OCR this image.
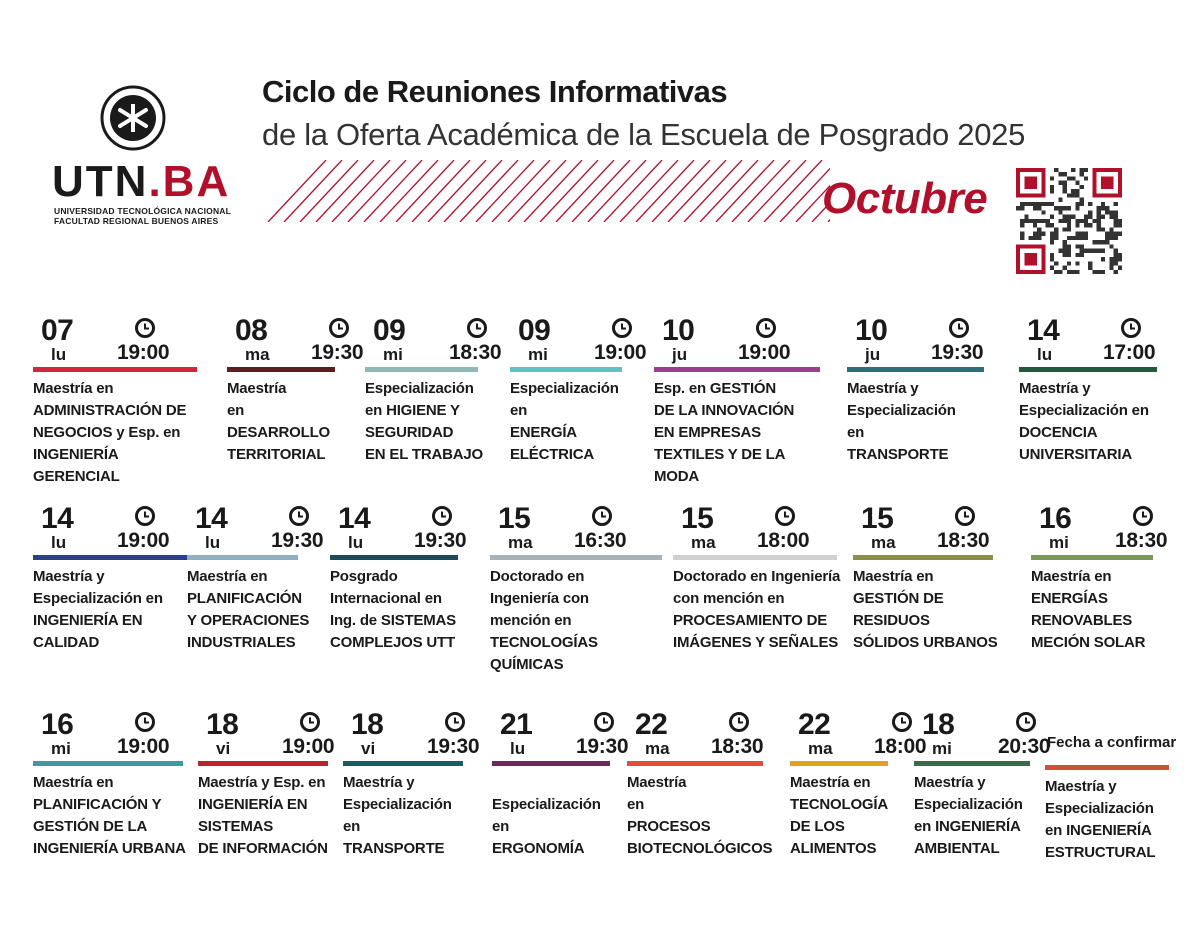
UTN.BA
UNIVERSIDAD TECNOLÓGICA NACIONAL
FACULTAD REGIONAL BUENOS AIRES
Ciclo de Reuniones Informativas
de la Oferta Académica de la Escuela de Posgrado 2025
Octubre
07
lu 19:00
Maestría en
ADMINISTRACIÓN DE
NEGOCIOS y Esp. en
INGENIERÍA GERENCIAL
08
ma 19:30
Maestría
en
DESARROLLO
TERRITORIAL
09
mi 18:30
Especialización
en HIGIENE Y
SEGURIDAD
EN EL TRABAJO
09
mi 19:00
Especialización
en
ENERGÍA
ELÉCTRICA
10
ju 19:00
Esp. en GESTIÓN
DE LA INNOVACIÓN
EN EMPRESAS
TEXTILES Y DE LA MODA
10
ju 19:30
Maestría y
Especialización
en
TRANSPORTE
14
lu 17:00
Maestría y
Especialización en
DOCENCIA
UNIVERSITARIA
14
lu 19:00
Maestría y
Especialización en
INGENIERÍA EN
CALIDAD
14
lu 19:30
Maestría en
PLANIFICACIÓN
Y OPERACIONES
INDUSTRIALES
14
lu 19:30
Posgrado
Internacional en
Ing. de SISTEMAS
COMPLEJOS UTT
15
ma 16:30
Doctorado en
Ingeniería con
mención en
TECNOLOGÍAS QUÍMICAS
15
ma 18:00
Doctorado en Ingeniería
con mención en
PROCESAMIENTO DE
IMÁGENES Y SEÑALES
15
ma 18:30
Maestría en
GESTIÓN DE
RESIDUOS
SÓLIDOS URBANOS
16
mi 18:30
Maestría en
ENERGÍAS
RENOVABLES
MECIÓN SOLAR
16
mi 19:00
Maestría en
PLANIFICACIÓN Y
GESTIÓN DE LA
INGENIERÍA URBANA
18
vi 19:00
Maestría y Esp. en
INGENIERÍA EN
SISTEMAS
DE INFORMACIÓN
18
vi 19:30
Maestría y
Especialización
en
TRANSPORTE
21
lu 19:30

Especialización
en
ERGONOMÍA
22
ma 18:30
Maestría
en
PROCESOS
BIOTECNOLÓGICOS
22
ma 18:00
Maestría en
TECNOLOGÍA
DE LOS
ALIMENTOS
18
mi 20:30
Maestría y
Especialización
en INGENIERÍA
AMBIENTAL
Fecha a confirmar
Maestría y
Especialización
en INGENIERÍA
ESTRUCTURAL
